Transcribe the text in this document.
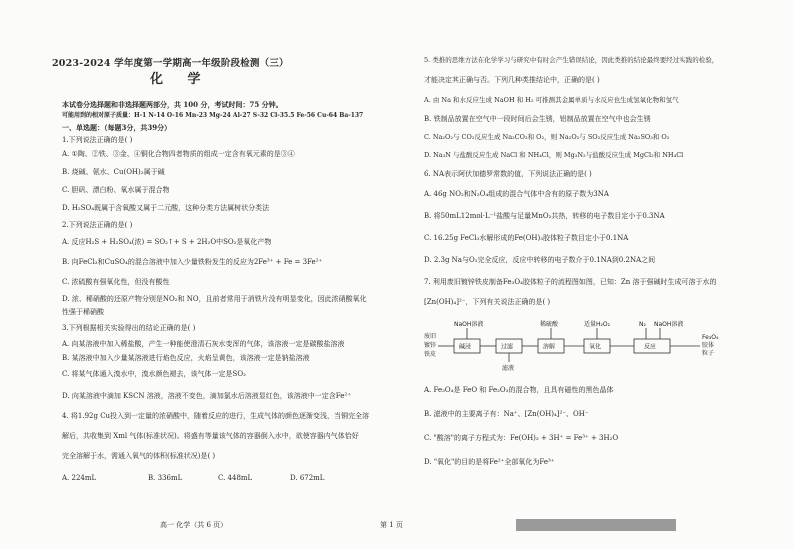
2023-2024 学年度第一学期高一年级阶段检测（三）
化 学
本试卷分选择题和非选择题两部分，共 100 分，考试时间：75 分钟。
可能用到的相对原子质量：H-1 N-14 O-16 Mn-23 Mg-24 Al-27 S-32 Cl-35.5 Fe-56 Cu-64 Ba-137
一、单选题：（每题3分，共39分）
1.下列说法正确的是( )
A. ①陶、②铁、③金、④铜化合物四者物质的组成一定含有氧元素的是③④
B. 烧碱、氨水、Cu(OH)₂属于碱
C. 胆矾、漂白粉、氧水属于混合物
D. H₂SO₄既属于含氧酸又属于二元酸，这种分类方法属树状分类法
2.下列说法正确的是( )
A. 反应H₂S + H₂SO₄(浓) = SO₂↑+ S + 2H₂O中SO₂是氧化产物
B. 向FeCl₃和CuSO₄的混合溶液中加入少量铁粉发生的反应为2Fe³⁺ + Fe = 3Fe²⁺
C. 浓硫酸有强氧化性，但没有酸性
D. 浓、稀硝酸的还原产物分别是NO₂和 NO，且前者常用于消铁片没有明显变化，因此浓硝酸氧化
性强于稀硝酸
3.下列根据相关实验得出的结论正确的是( )
A. 向某溶液中加入稀盐酸，产生一种能使澄清石灰水变浑的气体，该溶液一定是碳酸盐溶液
B. 某溶液中加入少量某溶液进行焰色反应，火焰呈黄色，该溶液一定是钠盐溶液
C. 将某气体通入溴水中，溴水颜色褪去，该气体一定是SO₂
D. 向某溶液中滴加 KSCN 溶液，溶液不变色，滴加氯水后溶液显红色，该溶液中一定含Fe²⁺
4. 将1.92g Cu投入到一定量的浓硝酸中，随着反应的进行，生成气体的颜色逐渐变浅，当铜完全溶
解后，共收集到 Xml 气体(标准状况)。将盛有等量该气体的容器倒入水中，欲使容器内气体恰好
完全溶解于水，需通入氧气的体积(标准状况)是( )
A. 224mL	B. 336mL	C. 448mL	D. 672mL
5. 类推的思维方法在化学学习与研究中有时会产生错误结论，因此类推的结论最终要经过实践的检验，
才能决定其正确与否。下列几种类推结论中，正确的是( )
A. 由 Na 和水反应生成 NaOH 和 H₂ 可推测其金属单质与水反应也生成氢氧化物和氢气
B. 铁制品放置在空气中一段时间后会生锈，铝制品放置在空气中也会生锈
C. Na₂O₂与 CO₂反应生成 Na₂CO₃和 O₂，则 Na₂O₂与 SO₂反应生成 Na₂SO₃和 O₂
D. Na₃N 与盐酸反应生成 NaCl 和 NH₄Cl，则 Mg₃N₂与盐酸反应生成 MgCl₂和 NH₄Cl
6. NA表示阿伏加德罗常数的值，下列说法正确的是( )
A. 46g NO₂和N₂O₄组成的混合气体中含有的原子数为3NA
B. 将50mL12mol·L⁻¹盐酸与足量MnO₂共热，转移的电子数目定小于0.3NA
C. 16.25g FeCl₃水解形成的Fe(OH)₃胶体粒子数目定小于0.1NA
D. 2.3g Na与O₂完全反应，反应中转移的电子数介于0.1NA到0.2NA之间
7. 利用废旧镀锌铁皮制备Fe₃O₄胶体粒子的流程图如图，已知：Zn 溶于强碱时生成可溶于水的
[Zn(OH)₄]²⁻，下列有关说法正确的是( )
NaOH溶液	稀硫酸	适量H₂O₂	N₂ NaOH溶液
碱浸	过滤	溶解	氧化	反应
废旧
镀锌
铁皮
Fe₃O₄
胶体
粒子
滤液
A. Fe₃O₄是 FeO 和 Fe₂O₃的混合物，且具有磁性的黑色晶体
B. 滤液中的主要离子有：Na⁺、[Zn(OH)₄]²⁻、OH⁻
C. "酸溶"的离子方程式为：Fe(OH)₃ + 3H⁺ = Fe³⁺ + 3H₂O
D. "氧化"的目的是将Fe²⁺全部氧化为Fe³⁺
高一 化学（共 6 页）	第 1 页
